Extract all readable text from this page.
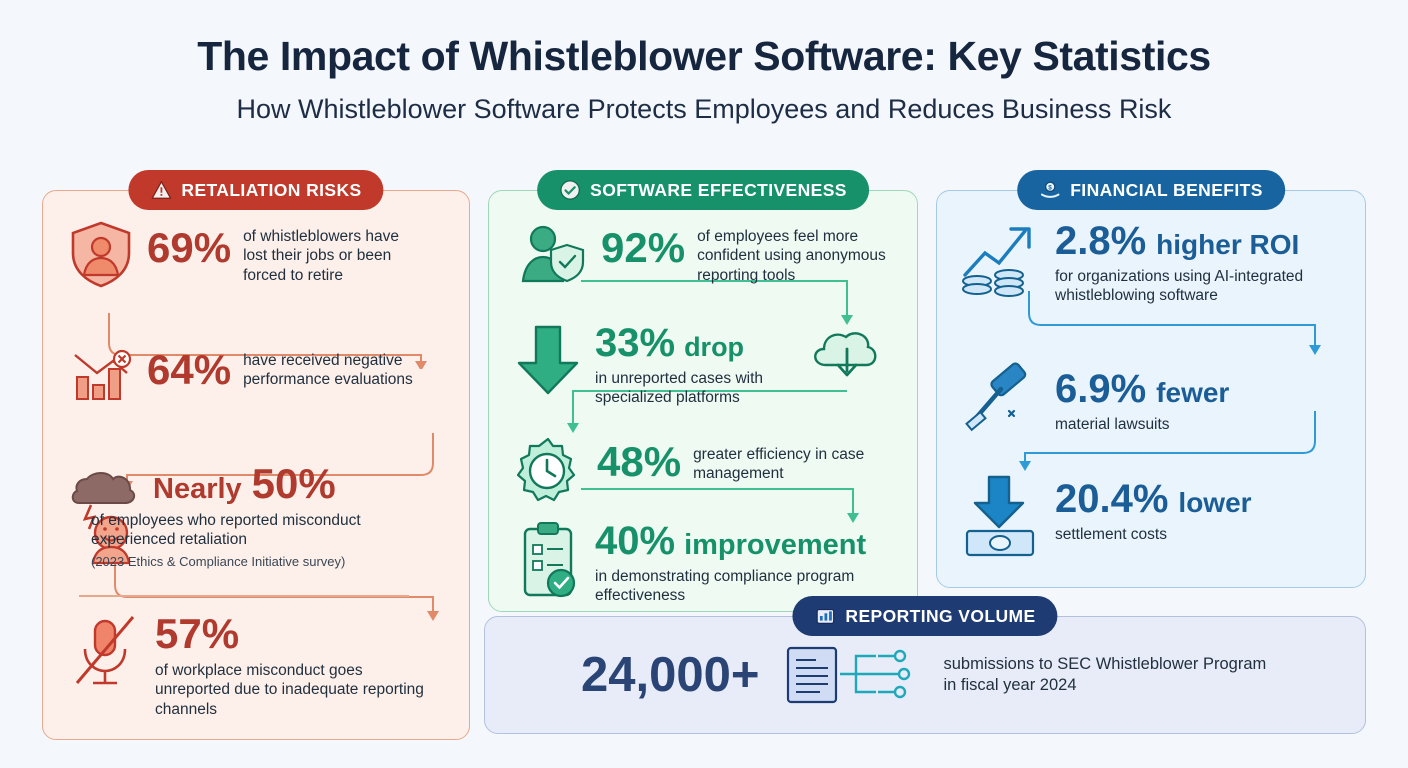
The Impact of Whistleblower Software: Key Statistics
How Whistleblower Software Protects Employees and Reduces Business Risk
RETALIATION RISKS
69% of whistleblowers have lost their jobs or been forced to retire
64% have received negative performance evaluations
Nearly 50%
of employees who reported misconduct experienced retaliation
(2023 Ethics & Compliance Initiative survey)
57%
of workplace misconduct goes unreported due to inadequate reporting channels
SOFTWARE EFFECTIVENESS
92% of employees feel more confident using anonymous reporting tools
33% drop
in unreported cases with specialized platforms
48% greater efficiency in case management
40% improvement
in demonstrating compliance program effectiveness
$ FINANCIAL BENEFITS
2.8% higher ROI
for organizations using AI-integrated whistleblowing software
6.9% fewer
material lawsuits
20.4% lower
settlement costs
REPORTING VOLUME
24,000+	submissions to SEC Whistleblower Program in fiscal year 2024
